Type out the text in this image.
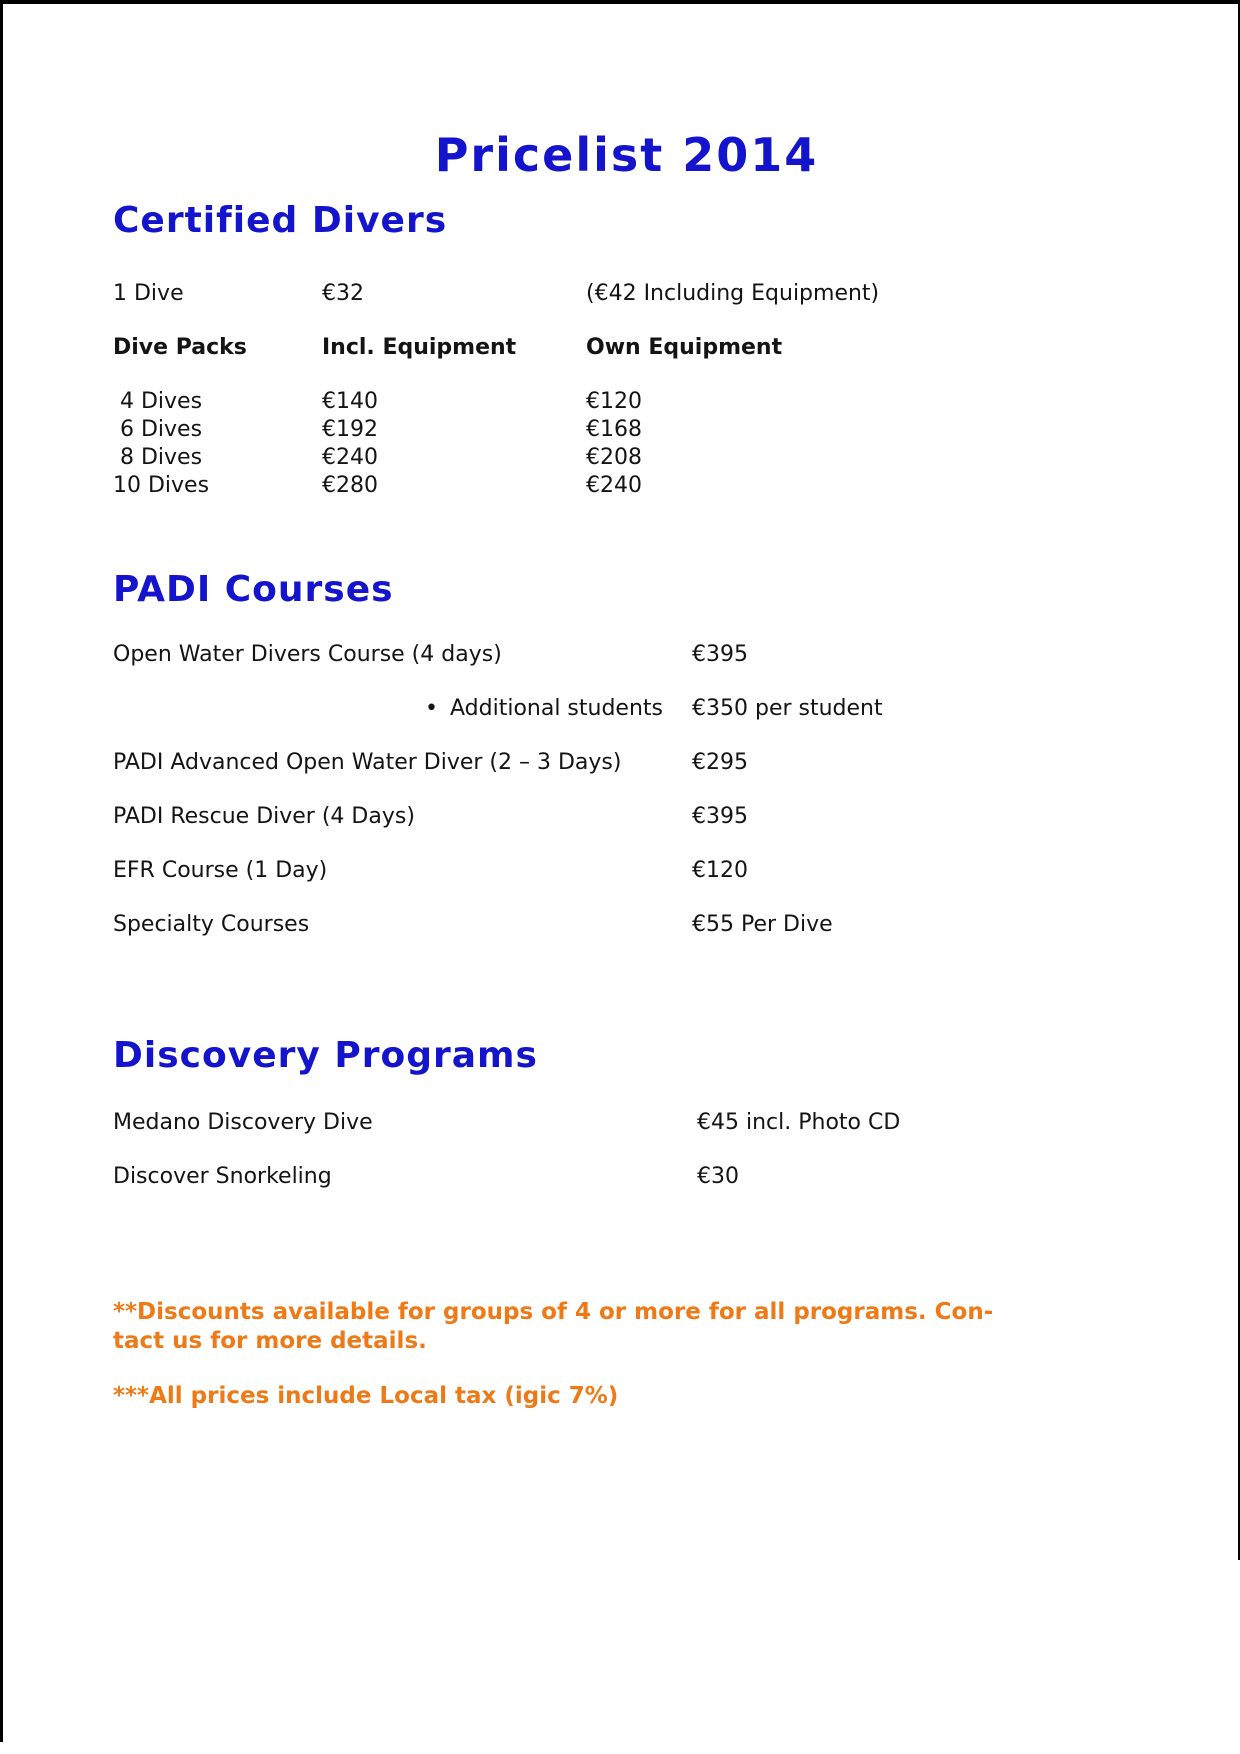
Pricelist 2014
Certified Divers
1 Dive	€32	(€42 Including Equipment)
Dive Packs	Incl. Equipment	Own Equipment
4 Dives	€140	€120
6 Dives	€192	€168
8 Dives	€240	€208
10 Dives	€280	€240
PADI Courses
Open Water Divers Course (4 days)	€395
• Additional students	€350 per student
PADI Advanced Open Water Diver (2 – 3 Days)	€295
PADI Rescue Diver (4 Days)	€395
EFR Course (1 Day)	€120
Specialty Courses	€55 Per Dive
Discovery Programs
Medano Discovery Dive	€45 incl. Photo CD
Discover Snorkeling	€30
**Discounts available for groups of 4 or more for all programs. Con-
tact us for more details.
***All prices include Local tax (igic 7%)
